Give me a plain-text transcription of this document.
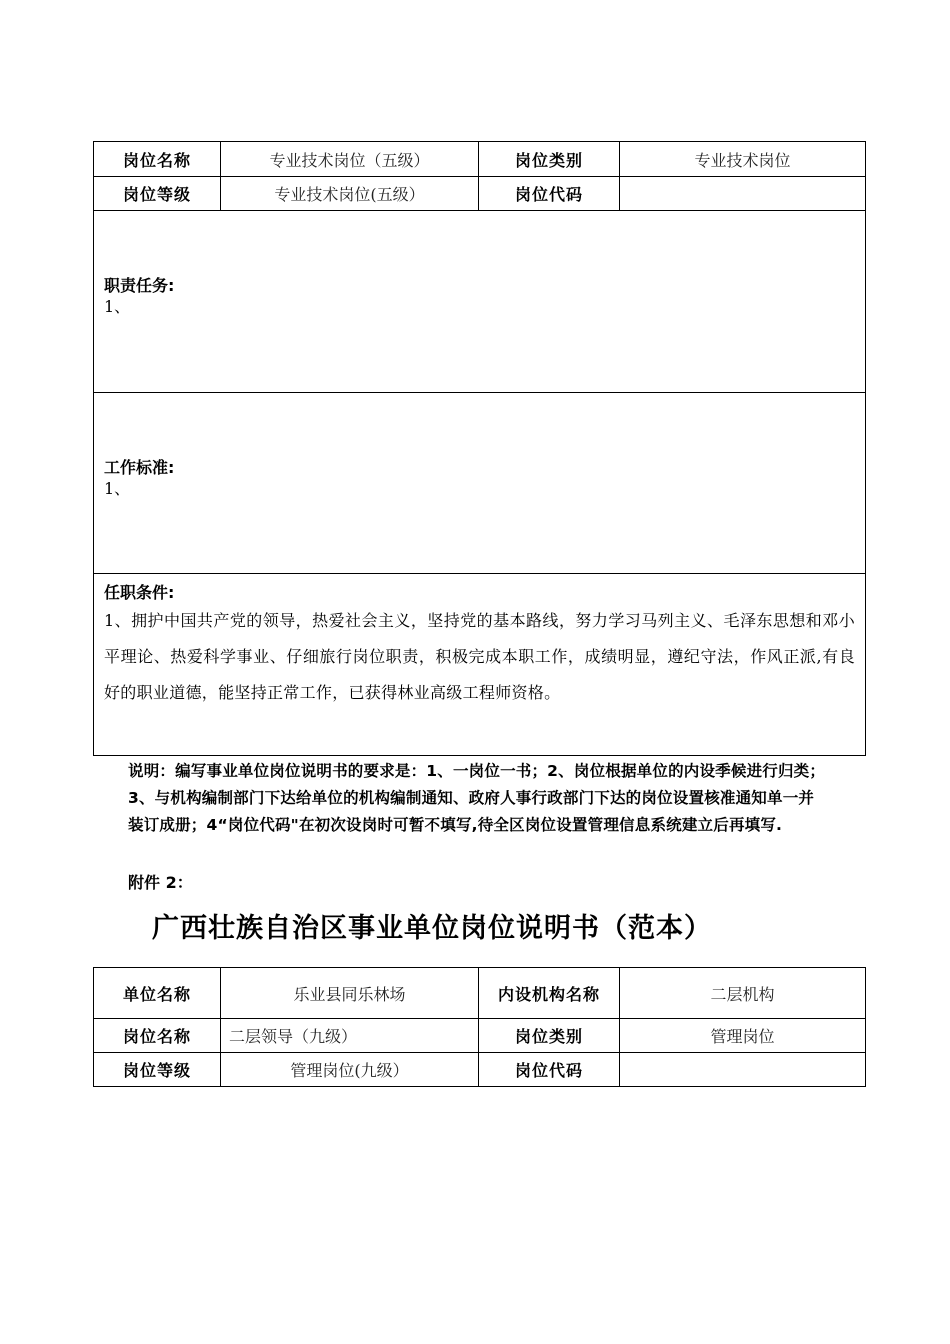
岗位名称	专业技术岗位（五级）	岗位类别	专业技术岗位
岗位等级	专业技术岗位(五级）	岗位代码	

职责任务:
1、			

工作标准:
1、			

任职条件:
1、拥护中国共产党的领导，热爱社会主义，坚持党的基本路线，努力学习马列主义、毛泽东思想和邓小平理论、热爱科学事业、仔细旅行岗位职责，积极完成本职工作，成绩明显，遵纪守法，作风正派,有良好的职业道德，能坚持正常工作，已获得林业高级工程师资格。			
说明：编写事业单位岗位说明书的要求是：1、一岗位一书；2、岗位根据单位的内设季候进行归类；3、与机构编制部门下达给单位的机构编制通知、政府人事行政部门下达的岗位设置核准通知单一并装订成册；4“岗位代码"在初次设岗时可暂不填写,待全区岗位设置管理信息系统建立后再填写.
附件 2：
广西壮族自治区事业单位岗位说明书（范本）
单位名称	乐业县同乐林场	内设机构名称	二层机构
岗位名称	二层领导（九级）	岗位类别	管理岗位
岗位等级	管理岗位(九级）	岗位代码	
